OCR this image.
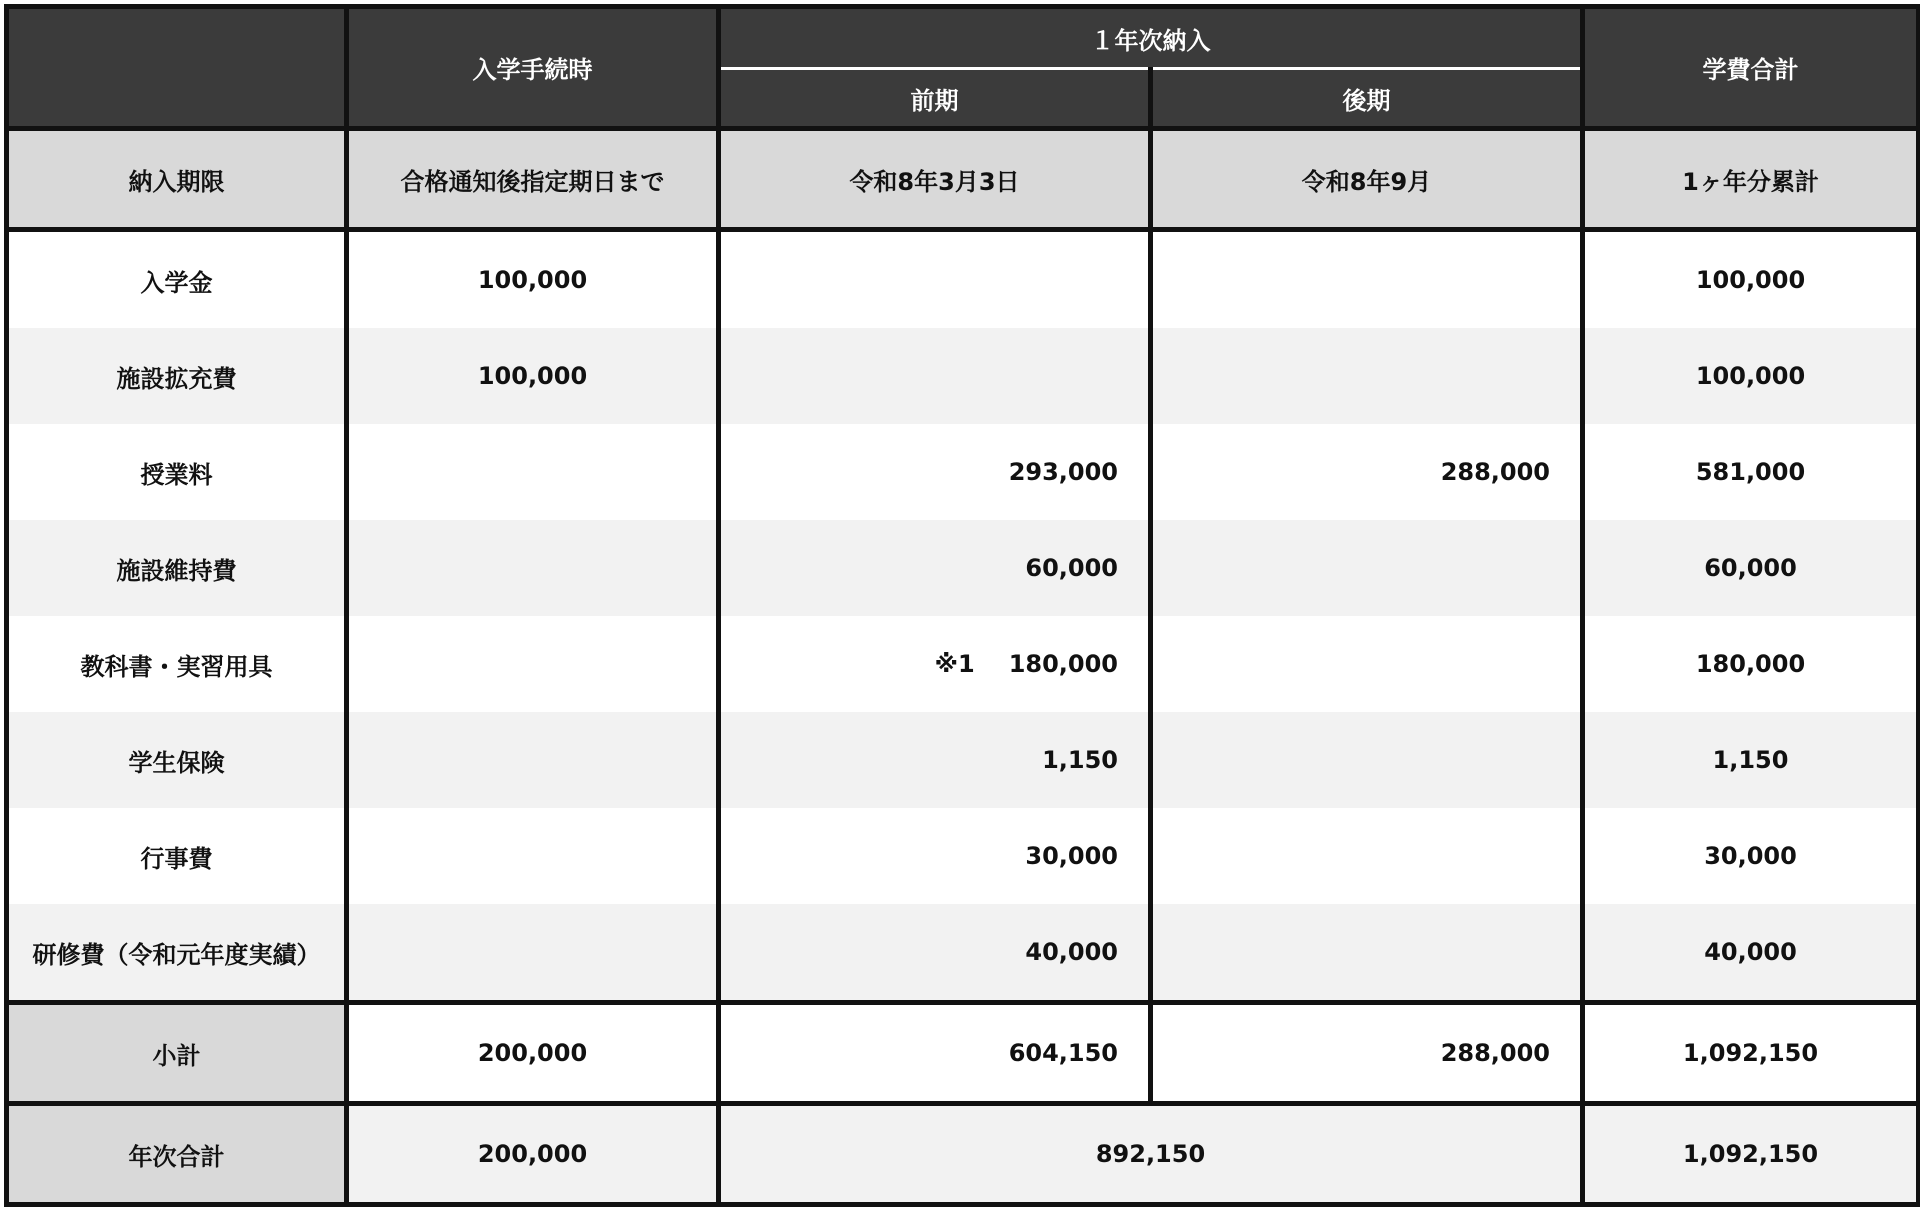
	入学手続時	１年次納入		学費合計
		前期	後期	
納入期限	合格通知後指定期日まで	令和8年3月3日	令和8年9月	1ヶ年分累計
入学金	100,000			100,000
施設拡充費	100,000			100,000
授業料		293,000	288,000	581,000
施設維持費		60,000		60,000
教科書・実習用具		※1 180,000		180,000
学生保険		1,150		1,150
行事費		30,000		30,000
研修費（令和元年度実績）		40,000		40,000
小計	200,000	604,150	288,000	1,092,150
年次合計	200,000	892,150		1,092,150
